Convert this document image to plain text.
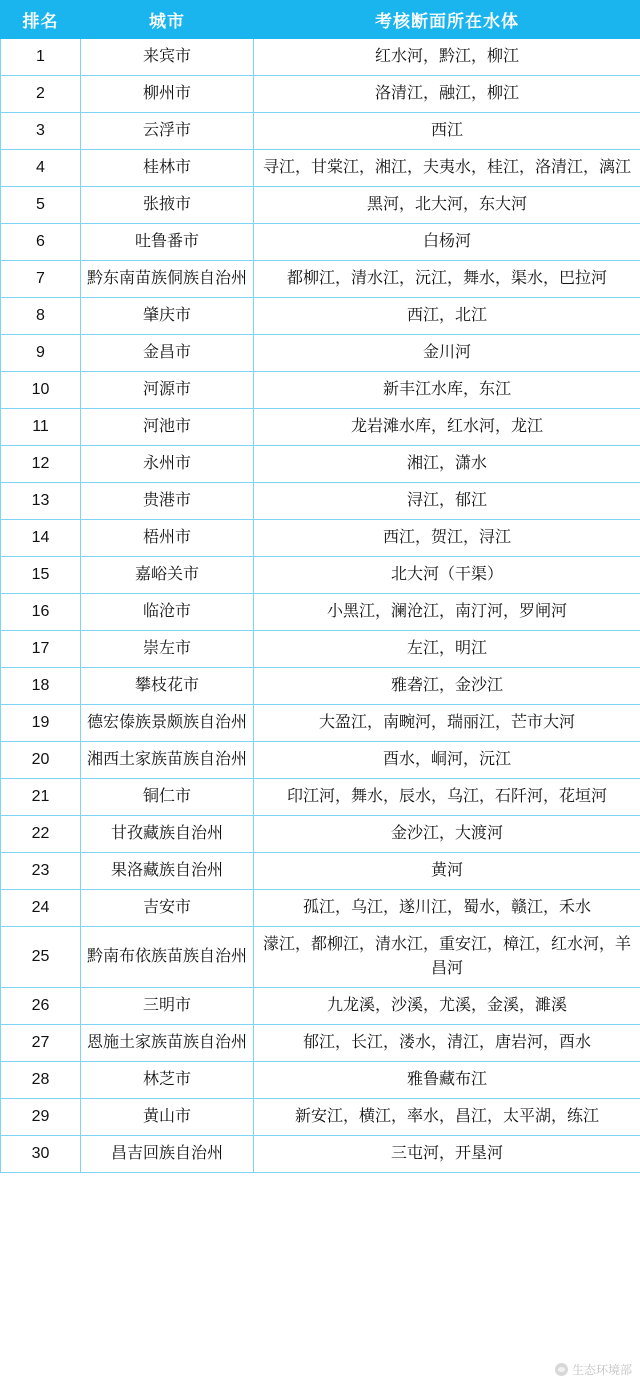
排名	城市	考核断面所在水体
1	来宾市	红水河，黔江，柳江
2	柳州市	洛清江，融江，柳江
3	云浮市	西江
4	桂林市	寻江，甘棠江，湘江，夫夷水，桂江，洛清江，漓江
5	张掖市	黑河，北大河，东大河
6	吐鲁番市	白杨河
7	黔东南苗族侗族自治州	都柳江，清水江，沅江，舞水，渠水，巴拉河
8	肇庆市	西江，北江
9	金昌市	金川河
10	河源市	新丰江水库，东江
11	河池市	龙岩滩水库，红水河，龙江
12	永州市	湘江，潇水
13	贵港市	浔江，郁江
14	梧州市	西江，贺江，浔江
15	嘉峪关市	北大河（干渠）
16	临沧市	小黑江，澜沧江，南汀河，罗闸河
17	崇左市	左江，明江
18	攀枝花市	雅砻江，金沙江
19	德宏傣族景颇族自治州	大盈江，南畹河，瑞丽江，芒市大河
20	湘西土家族苗族自治州	酉水，峒河，沅江
21	铜仁市	印江河，舞水，辰水，乌江，石阡河，花垣河
22	甘孜藏族自治州	金沙江，大渡河
23	果洛藏族自治州	黄河
24	吉安市	孤江，乌江，遂川江，蜀水，赣江，禾水
25	黔南布依族苗族自治州	濛江，都柳江，清水江，重安江，樟江，红水河，羊昌河
26	三明市	九龙溪，沙溪，尤溪，金溪，濉溪
27	恩施土家族苗族自治州	郁江，长江，溇水，清江，唐岩河，酉水
28	林芝市	雅鲁藏布江
29	黄山市	新安江，横江，率水，昌江，太平湖，练江
30	昌吉回族自治州	三屯河，开垦河
生态环境部
